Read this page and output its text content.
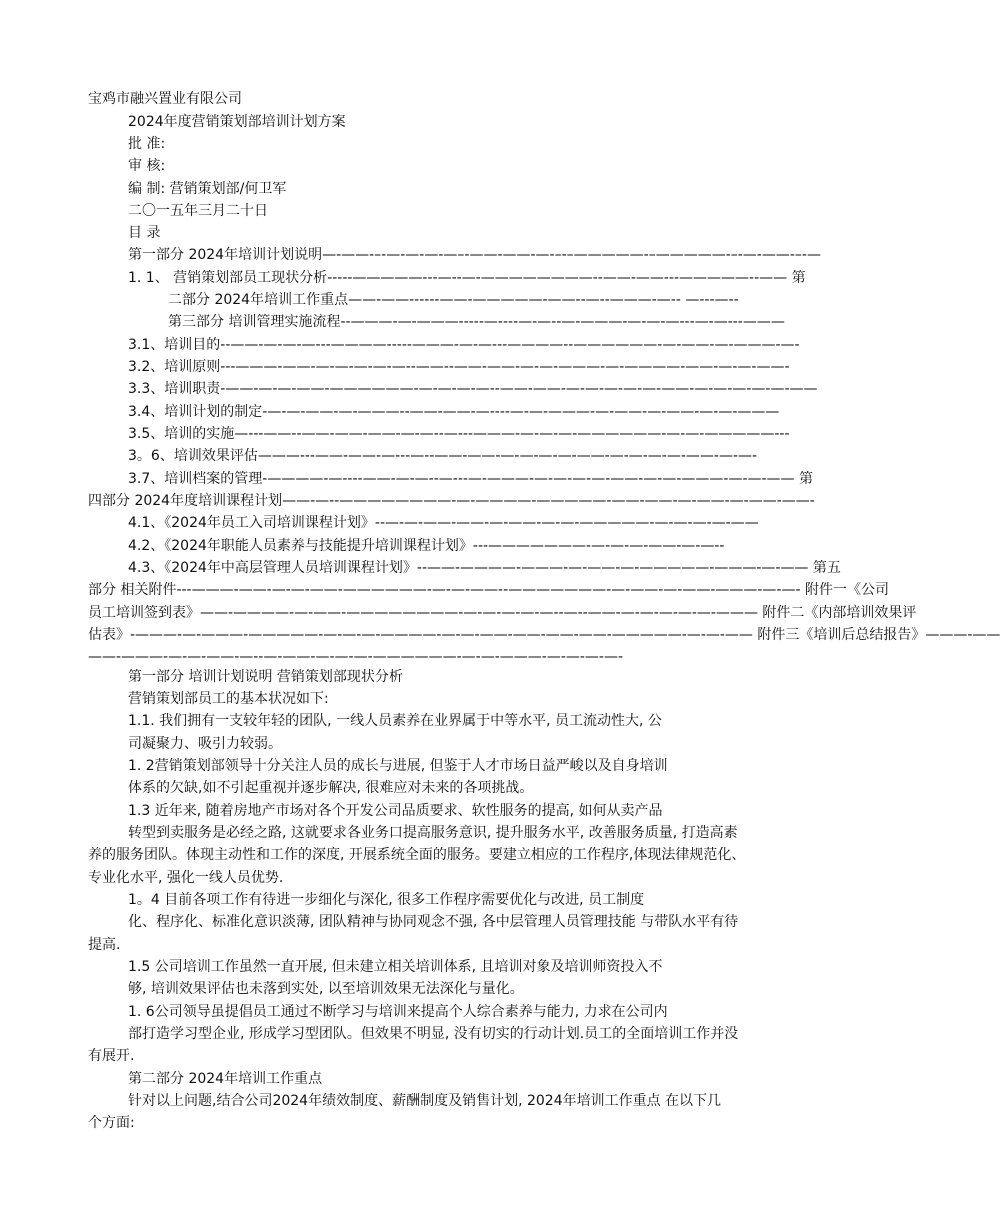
宝鸡市融兴置业有限公司
2024年度营销策划部培训计划方案
批 准:
审 核:
编 制: 营销策划部/何卫军
二〇一五年三月二十日
目 录
第一部分 2024年培训计划说明—-——-–-—-—-—-—–-——-——-—-–-–—————-–—————-–-—-——-–-—
1. 1、 营销策划部员工现状分析-----—————---—--—-————————--——-——---—————--—— 第
二部分 2024年培训工作重点——-——------——-—————-——--—--———-—-- —---—--
第三部分 培训管理实施流程--———-—-———-----—----—-—--—-———-—-—-—---—-—---———
3.1、培训目的--——-—-—-—---————-----———-—-—---————--——————-—-——-—-———-—-
3.2、培训原则---———-——-—-—-—-—-—--——--——-——-—-—-———-—-————-——-—-—-——-
3.3、培训职责-——-—-—-——-——————-—-—-—-—--——-——-—-—-—-—-—-——-—-—-—-—-—-——
3.4、培训计划的制定-—-—-——-—-———--——-——-—----—-—-———-—-——-—-——-—-—-———
3.5、培训的实施—---——--——-——-——-—-—--—---———-—-—-—-——————-—-—-—————---
3。6、培训效果评估———---——-——-—---—--——-——-—-—-—-—-——-—-—-—-—-——-—-—-
3.7、培训档案的管理-————-—----——-—-—--—---—-———-—-—-—-—-——-—-—-———-—-—-—— 第
四部分 2024年度培训课程计划——-—--————————-—-————-—————-——-——-—-——-—-——-——-
4.1、《2024年员工入司培训课程计划》--—-—-——-——-—-——-—-—-—————-—-—-—-—-——
4.2、《2024年职能人员素养与技能提升培训课程计划》---———————-—-—-—-——-—-—--
4.3、《2024年中高层管理人员培训课程计划》--——-————-———-—-——-—-—————-———-—-—— 第五
部分 相关附件---———-——-—-—-——-——————-—-—-——--———————-—-——-—-——-———-—-—- 附件一《公司
员工培训签到表》——-————-—-——-————————-—-—-—-—-—--—--——-—-—-—-—-—-——— 附件二《内部培训效果评
估表》-———-—-———-—————-—-—-—-————-—-—-——-——-——-——-—————-—-—-—— 附件三《培训后总结报告》———-——
——-———-—-—-——-—--—-——-—-—-—-——————-—-—-———-—-—-—-—-
第一部分 培训计划说明 营销策划部现状分析
营销策划部员工的基本状况如下:
1.1. 我们拥有一支较年轻的团队, 一线人员素养在业界属于中等水平, 员工流动性大, 公
司凝聚力、吸引力较弱。
1. 2营销策划部领导十分关注人员的成长与进展, 但鉴于人才市场日益严峻以及自身培训
体系的欠缺,如不引起重视并逐步解决, 很难应对未来的各项挑战。
1.3 近年来, 随着房地产市场对各个开发公司品质要求、软性服务的提高, 如何从卖产品
转型到卖服务是必经之路, 这就要求各业务口提高服务意识, 提升服务水平, 改善服务质量, 打造高素
养的服务团队。体现主动性和工作的深度, 开展系统全面的服务。要建立相应的工作程序,体现法律规范化、
专业化水平, 强化一线人员优势.
1。4 目前各项工作有待进一步细化与深化, 很多工作程序需要优化与改进, 员工制度
化、程序化、标准化意识淡薄, 团队精神与协同观念不强, 各中层管理人员管理技能 与带队水平有待
提高.
1.5 公司培训工作虽然一直开展, 但未建立相关培训体系, 且培训对象及培训师资投入不
够, 培训效果评估也未落到实处, 以至培训效果无法深化与量化。
1. 6公司领导虽提倡员工通过不断学习与培训来提高个人综合素养与能力, 力求在公司内
部打造学习型企业, 形成学习型团队。但效果不明显, 没有切实的行动计划.员工的全面培训工作并没
有展开.
第二部分 2024年培训工作重点
针对以上问题,结合公司2024年绩效制度、薪酬制度及销售计划, 2024年培训工作重点 在以下几
个方面:
